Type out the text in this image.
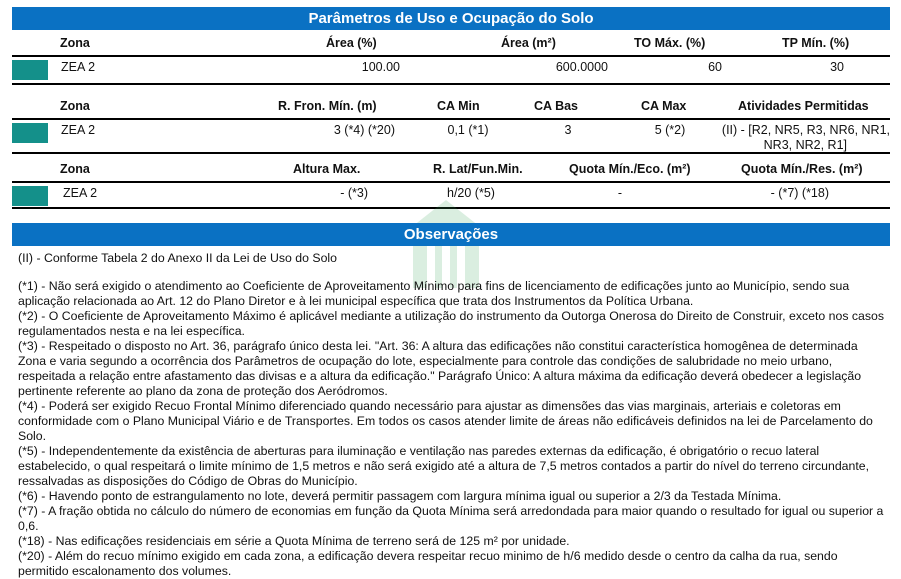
Parâmetros de Uso e Ocupação do Solo
Zona	Área (%)	Área (m²)	TO Máx. (%)	TP Mín. (%)
ZEA 2	100.00	600.0000	60	30
Zona	R. Fron. Mín. (m)	CA Min	CA Bas	CA Max	Atividades Permitidas
ZEA 2	3 (*4) (*20)	0,1 (*1)	3	5 (*2)	(II) - [R2, NR5, R3, NR6, NR1,
NR3, NR2, R1]
Zona	Altura Max.	R. Lat/Fun.Min.	Quota Mín./Eco. (m²)	Quota Mín./Res. (m²)
ZEA 2	- (*3)	h/20 (*5)	-	- (*7) (*18)
Observações

(II) - Conforme Tabela 2 do Anexo II da Lei de Uso do Solo

(*1) - Não será exigido o atendimento ao Coeficiente de Aproveitamento Mínimo para fins de licenciamento de edificações junto ao Município, sendo sua aplicação relacionada ao Art. 12 do Plano Diretor e à lei municipal específica que trata dos Instrumentos da Política Urbana.

(*2) - O Coeficiente de Aproveitamento Máximo é aplicável mediante a utilização do instrumento da Outorga Onerosa do Direito de Construir, exceto nos casos regulamentados nesta e na lei específica.

(*3) - Respeitado o disposto no Art. 36, parágrafo único desta lei. "Art. 36: A altura das edificações não constitui característica homogênea de determinada Zona e varia segundo a ocorrência dos Parâmetros de ocupação do lote, especialmente para controle das condições de salubridade no meio urbano, respeitada a relação entre afastamento das divisas e a altura da edificação." Parágrafo Único: A altura máxima da edificação deverá obedecer a legislação pertinente referente ao plano da zona de proteção dos Aeródromos.

(*4) - Poderá ser exigido Recuo Frontal Mínimo diferenciado quando necessário para ajustar as dimensões das vias marginais, arteriais e coletoras em conformidade com o Plano Municipal Viário e de Transportes. Em todos os casos atender limite de áreas não edificáveis definidos na lei de Parcelamento do Solo.

(*5) - Independentemente da existência de aberturas para iluminação e ventilação nas paredes externas da edificação, é obrigatório o recuo lateral estabelecido, o qual respeitará o limite mínimo de 1,5 metros e não será exigido até a altura de 7,5 metros contados a partir do nível do terreno circundante, ressalvadas as disposições do Código de Obras do Município.

(*6) - Havendo ponto de estrangulamento no lote, deverá permitir passagem com largura mínima igual ou superior a 2/3 da Testada Mínima.

(*7) - A fração obtida no cálculo do número de economias em função da Quota Mínima será arredondada para maior quando o resultado for igual ou superior a 0,6.

(*18) - Nas edificações residenciais em série a Quota Mínima de terreno será de 125 m² por unidade.

(*20) - Além do recuo mínimo exigido em cada zona, a edificação devera respeitar recuo minimo de h/6 medido desde o centro da calha da rua, sendo permitido escalonamento dos volumes.
